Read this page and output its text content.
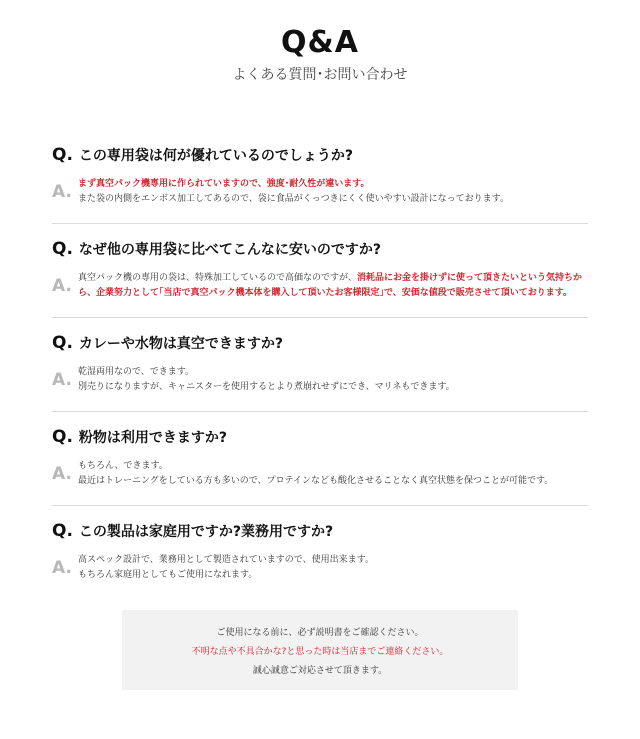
Q&A
よくある質問･お問い合わせ
Q. この専用袋は何が優れているのでしょうか?
A. まず真空パック機専用に作られていますので、強度･耐久性が違います。
また袋の内側をエンボス加工してあるので、袋に食品がくっつきにくく使いやすい設計になっております。
Q. なぜ他の専用袋に比べてこんなに安いのですか?
A. 真空パック機の専用の袋は、特殊加工しているので高価なのですが、消耗品にお金を掛けずに使って頂きたいという気持ちから、企業努力として｢当店で真空パック機本体を購入して頂いたお客様限定｣で、安価な値段で販売させて頂いております。
Q. カレーや水物は真空できますか?
A. 乾湿両用なので、できます。
別売りになりますが、キャニスターを使用するとより煮崩れせずにでき、マリネもできます。
Q. 粉物は利用できますか?
A. もちろん、できます。
最近はトレーニングをしている方も多いので、プロテインなども酸化させることなく真空状態を保つことが可能です。
Q. この製品は家庭用ですか?業務用ですか?
A. 高スペック設計で、業務用として製造されていますので、使用出来ます。
もちろん家庭用としてもご使用になれます。
ご使用になる前に、必ず説明書をご確認ください。
不明な点や不具合かな?と思った時は当店までご連絡ください。
誠心誠意ご対応させて頂きます。
